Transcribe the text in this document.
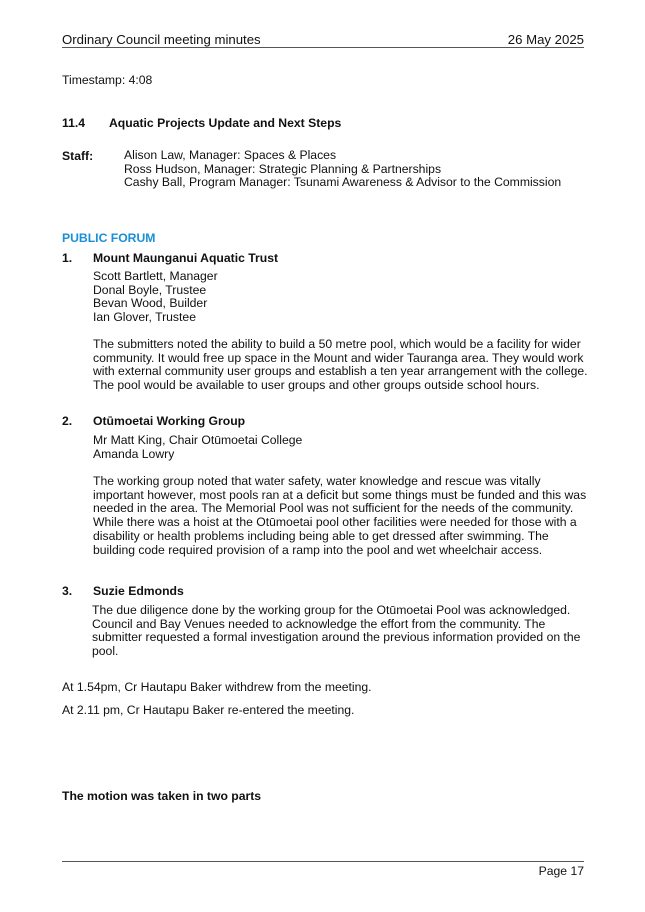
Ordinary Council meeting minutes	26 May 2025
Timestamp: 4:08
11.4 Aquatic Projects Update and Next Steps
Staff:	Alison Law, Manager: Spaces & Places
Ross Hudson, Manager: Strategic Planning & Partnerships
Cashy Ball, Program Manager: Tsunami Awareness & Advisor to the Commission
PUBLIC FORUM
1. Mount Maunganui Aquatic Trust
Scott Bartlett, Manager
Donal Boyle, Trustee
Bevan Wood, Builder
Ian Glover, Trustee
The submitters noted the ability to build a 50 metre pool, which would be a facility for wider
community. It would free up space in the Mount and wider Tauranga area. They would work
with external community user groups and establish a ten year arrangement with the college.
The pool would be available to user groups and other groups outside school hours.
2. Otūmoetai Working Group
Mr Matt King, Chair Otūmoetai College
Amanda Lowry
The working group noted that water safety, water knowledge and rescue was vitally
important however, most pools ran at a deficit but some things must be funded and this was
needed in the area. The Memorial Pool was not sufficient for the needs of the community.
While there was a hoist at the Otūmoetai pool other facilities were needed for those with a
disability or health problems including being able to get dressed after swimming. The
building code required provision of a ramp into the pool and wet wheelchair access.
3. Suzie Edmonds
The due diligence done by the working group for the Otūmoetai Pool was acknowledged.
Council and Bay Venues needed to acknowledge the effort from the community. The
submitter requested a formal investigation around the previous information provided on the
pool.
At 1.54pm, Cr Hautapu Baker withdrew from the meeting.
At 2.11 pm, Cr Hautapu Baker re-entered the meeting.
The motion was taken in two parts
Page 17
